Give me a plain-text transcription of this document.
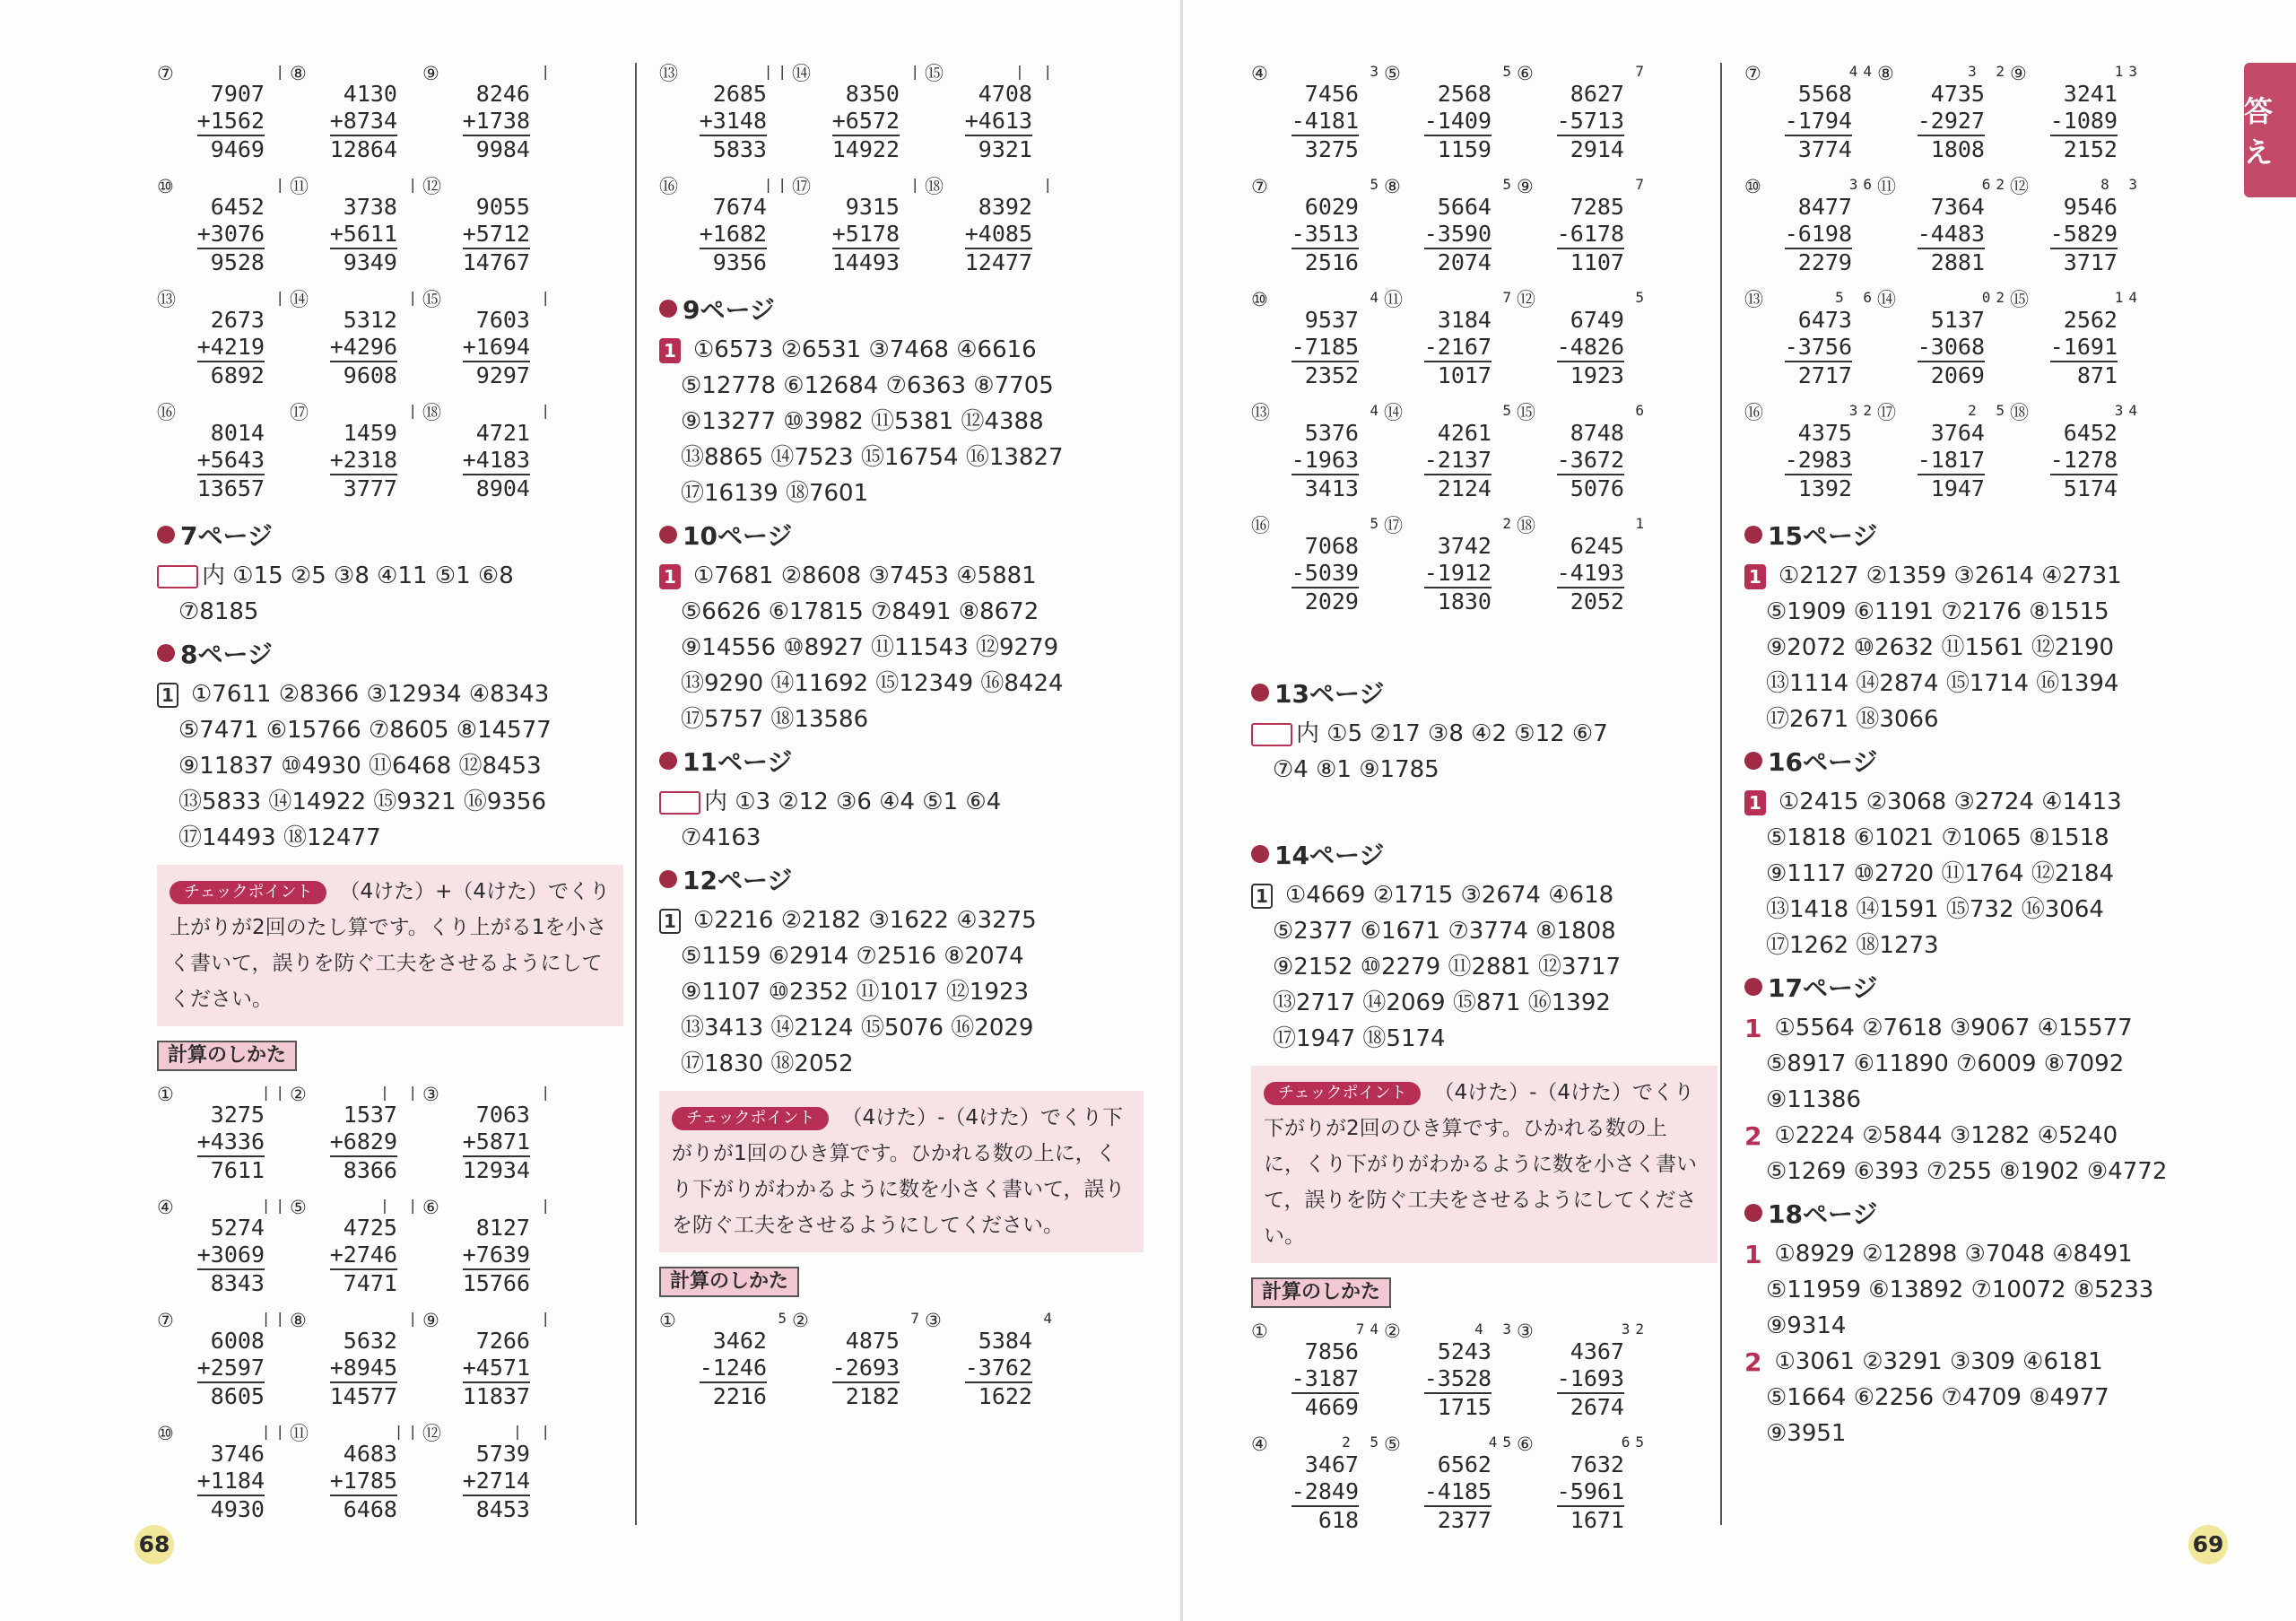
⑦	|
7907
+1562
9469
⑧
4130
+8734
12864
⑨	|
8246
+1738
9984
⑩	|
6452
+3076
9528
⑪	|
3738
+5611
9349
⑫
9055
+5712
14767
⑬	|
2673
+4219
6892
⑭	|
5312
+4296
9608
⑮	|
7603
+1694
9297
⑯
8014
+5643
13657
⑰	|
1459
+2318
3777
⑱	|
4721
+4183
8904
7ページ
内 ①15 ②5 ③8 ④11 ⑤1 ⑥8
⑦8185
8ページ
1 ①7611 ②8366 ③12934 ④8343
⑤7471 ⑥15766 ⑦8605 ⑧14577
⑨11837 ⑩4930 ⑪6468 ⑫8453
⑬5833 ⑭14922 ⑮9321 ⑯9356
⑰14493 ⑱12477
チェックポイント （4けた）+（4けた）でくり上がりが2回のたし算です。くり上がる1を小さく書いて，誤りを防ぐ工夫をさせるようにしてください。
計算のしかた
①	||
3275
+4336
7611
②	| |
1537
+6829
8366
③	|
7063
+5871
12934
④	||
5274
+3069
8343
⑤	| |
4725
+2746
7471
⑥	|
8127
+7639
15766
⑦	||
6008
+2597
8605
⑧	|
5632
+8945
14577
⑨	|
7266
+4571
11837
⑩	||
3746
+1184
4930
⑪	||
4683
+1785
6468
⑫	| |
5739
+2714
8453
⑬	||
2685
+3148
5833
⑭	|
8350
+6572
14922
⑮	| |
4708
+4613
9321
⑯	||
7674
+1682
9356
⑰	|
9315
+5178
14493
⑱	|
8392
+4085
12477
9ページ
1 ①6573 ②6531 ③7468 ④6616
⑤12778 ⑥12684 ⑦6363 ⑧7705
⑨13277 ⑩3982 ⑪5381 ⑫4388
⑬8865 ⑭7523 ⑮16754 ⑯13827
⑰16139 ⑱7601
10ページ
1 ①7681 ②8608 ③7453 ④5881
⑤6626 ⑥17815 ⑦8491 ⑧8672
⑨14556 ⑩8927 ⑪11543 ⑫9279
⑬9290 ⑭11692 ⑮12349 ⑯8424
⑰5757 ⑱13586
11ページ
内 ①3 ②12 ③6 ④4 ⑤1 ⑥4
⑦4163
12ページ
1 ①2216 ②2182 ③1622 ④3275
⑤1159 ⑥2914 ⑦2516 ⑧2074
⑨1107 ⑩2352 ⑪1017 ⑫1923
⑬3413 ⑭2124 ⑮5076 ⑯2029
⑰1830 ⑱2052
チェックポイント （4けた）-（4けた）でくり下がりが1回のひき算です。ひかれる数の上に，くり下がりがわかるように数を小さく書いて，誤りを防ぐ工夫をさせるようにしてください。
計算のしかた
①	5
3462
-1246
2216
②	7
4875
-2693
2182
③	4
5384
-3762
1622
④	3
7456
-4181
3275
⑤	5
2568
-1409
1159
⑥	7
8627
-5713
2914
⑦	5
6029
-3513
2516
⑧	5
5664
-3590
2074
⑨	7
7285
-6178
1107
⑩	4
9537
-7185
2352
⑪	7
3184
-2167
1017
⑫	5
6749
-4826
1923
⑬	4
5376
-1963
3413
⑭	5
4261
-2137
2124
⑮	6
8748
-3672
5076
⑯	5
7068
-5039
2029
⑰	2
3742
-1912
1830
⑱	1
6245
-4193
2052
13ページ
内 ①5 ②17 ③8 ④2 ⑤12 ⑥7
⑦4 ⑧1 ⑨1785
14ページ
1 ①4669 ②1715 ③2674 ④618
⑤2377 ⑥1671 ⑦3774 ⑧1808
⑨2152 ⑩2279 ⑪2881 ⑫3717
⑬2717 ⑭2069 ⑮871 ⑯1392
⑰1947 ⑱5174
チェックポイント （4けた）-（4けた）でくり下がりが2回のひき算です。ひかれる数の上に，くり下がりがわかるように数を小さく書いて，誤りを防ぐ工夫をさせるようにしてください。
計算のしかた
①	74
7856
-3187
4669
②	4 3
5243
-3528
1715
③	32
4367
-1693
2674
④	2 5
3467
-2849
618
⑤	45
6562
-4185
2377
⑥	65
7632
-5961
1671
⑦	44
5568
-1794
3774
⑧	3 2
4735
-2927
1808
⑨	13
3241
-1089
2152
⑩	36
8477
-6198
2279
⑪	62
7364
-4483
2881
⑫	8 3
9546
-5829
3717
⑬	5 6
6473
-3756
2717
⑭	02
5137
-3068
2069
⑮	14
2562
-1691
871
⑯	32
4375
-2983
1392
⑰	2 5
3764
-1817
1947
⑱	34
6452
-1278
5174
15ページ
1 ①2127 ②1359 ③2614 ④2731
⑤1909 ⑥1191 ⑦2176 ⑧1515
⑨2072 ⑩2632 ⑪1561 ⑫2190
⑬1114 ⑭2874 ⑮1714 ⑯1394
⑰2671 ⑱3066
16ページ
1 ①2415 ②3068 ③2724 ④1413
⑤1818 ⑥1021 ⑦1065 ⑧1518
⑨1117 ⑩2720 ⑪1764 ⑫2184
⑬1418 ⑭1591 ⑮732 ⑯3064
⑰1262 ⑱1273
17ページ
1 ①5564 ②7618 ③9067 ④15577
⑤8917 ⑥11890 ⑦6009 ⑧7092
⑨11386
2 ①2224 ②5844 ③1282 ④5240
⑤1269 ⑥393 ⑦255 ⑧1902 ⑨4772
18ページ
1 ①8929 ②12898 ③7048 ④8491
⑤11959 ⑥13892 ⑦10072 ⑧5233
⑨9314
2 ①3061 ②3291 ③309 ④6181
⑤1664 ⑥2256 ⑦4709 ⑧4977
⑨3951
68	69
答え
